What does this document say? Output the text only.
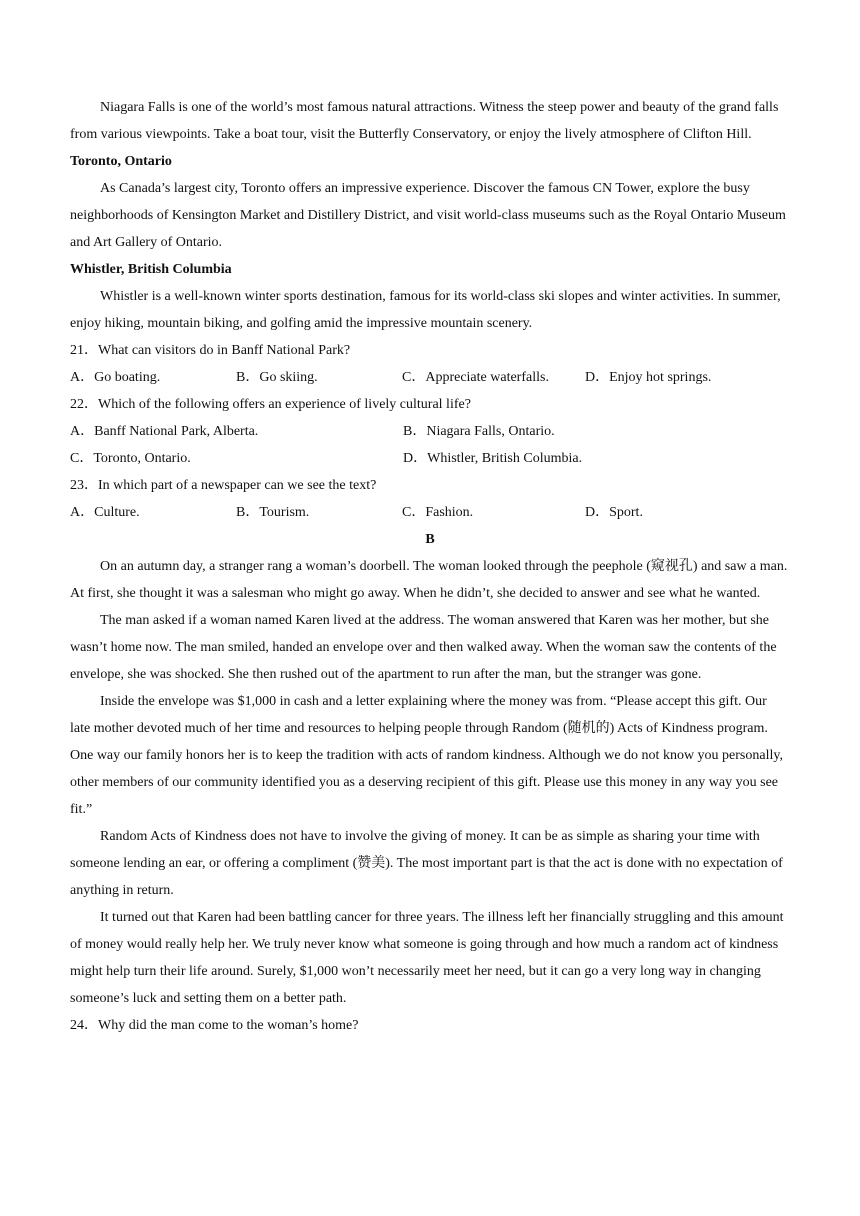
Niagara Falls is one of the world’s most famous natural attractions. Witness the steep power and beauty of the grand falls from various viewpoints. Take a boat tour, visit the Butterfly Conservatory, or enjoy the lively atmosphere of Clifton Hill.

Toronto, Ontario

As Canada’s largest city, Toronto offers an impressive experience. Discover the famous CN Tower, explore the busy neighborhoods of Kensington Market and Distillery District, and visit world-class museums such as the Royal Ontario Museum and Art Gallery of Ontario.

Whistler, British Columbia

Whistler is a well-known winter sports destination, famous for its world-class ski slopes and winter activities. In summer, enjoy hiking, mountain biking, and golfing amid the impressive mountain scenery.

21．What can visitors do in Banff National Park?

A．Go boating.	B．Go skiing.	C．Appreciate waterfalls.	D．Enjoy hot springs.

22．Which of the following offers an experience of lively cultural life?

A．Banff National Park, Alberta.	B．Niagara Falls, Ontario.
C．Toronto, Ontario.	D．Whistler, British Columbia.

23．In which part of a newspaper can we see the text?

A．Culture.	B．Tourism.	C．Fashion.	D．Sport.

B

On an autumn day, a stranger rang a woman’s doorbell. The woman looked through the peephole (窥视孔) and saw a man. At first, she thought it was a salesman who might go away. When he didn’t, she decided to answer and see what he wanted.

The man asked if a woman named Karen lived at the address. The woman answered that Karen was her mother, but she wasn’t home now. The man smiled, handed an envelope over and then walked away. When the woman saw the contents of the envelope, she was shocked. She then rushed out of the apartment to run after the man, but the stranger was gone.

Inside the envelope was $1,000 in cash and a letter explaining where the money was from. “Please accept this gift. Our late mother devoted much of her time and resources to helping people through Random (随机的) Acts of Kindness program. One way our family honors her is to keep the tradition with acts of random kindness. Although we do not know you personally, other members of our community identified you as a deserving recipient of this gift. Please use this money in any way you see fit.”

Random Acts of Kindness does not have to involve the giving of money. It can be as simple as sharing your time with someone lending an ear, or offering a compliment (赞美). The most important part is that the act is done with no expectation of anything in return.

It turned out that Karen had been battling cancer for three years. The illness left her financially struggling and this amount of money would really help her. We truly never know what someone is going through and how much a random act of kindness might help turn their life around. Surely, $1,000 won’t necessarily meet her need, but it can go a very long way in changing someone’s luck and setting them on a better path.

24．Why did the man come to the woman’s home?
